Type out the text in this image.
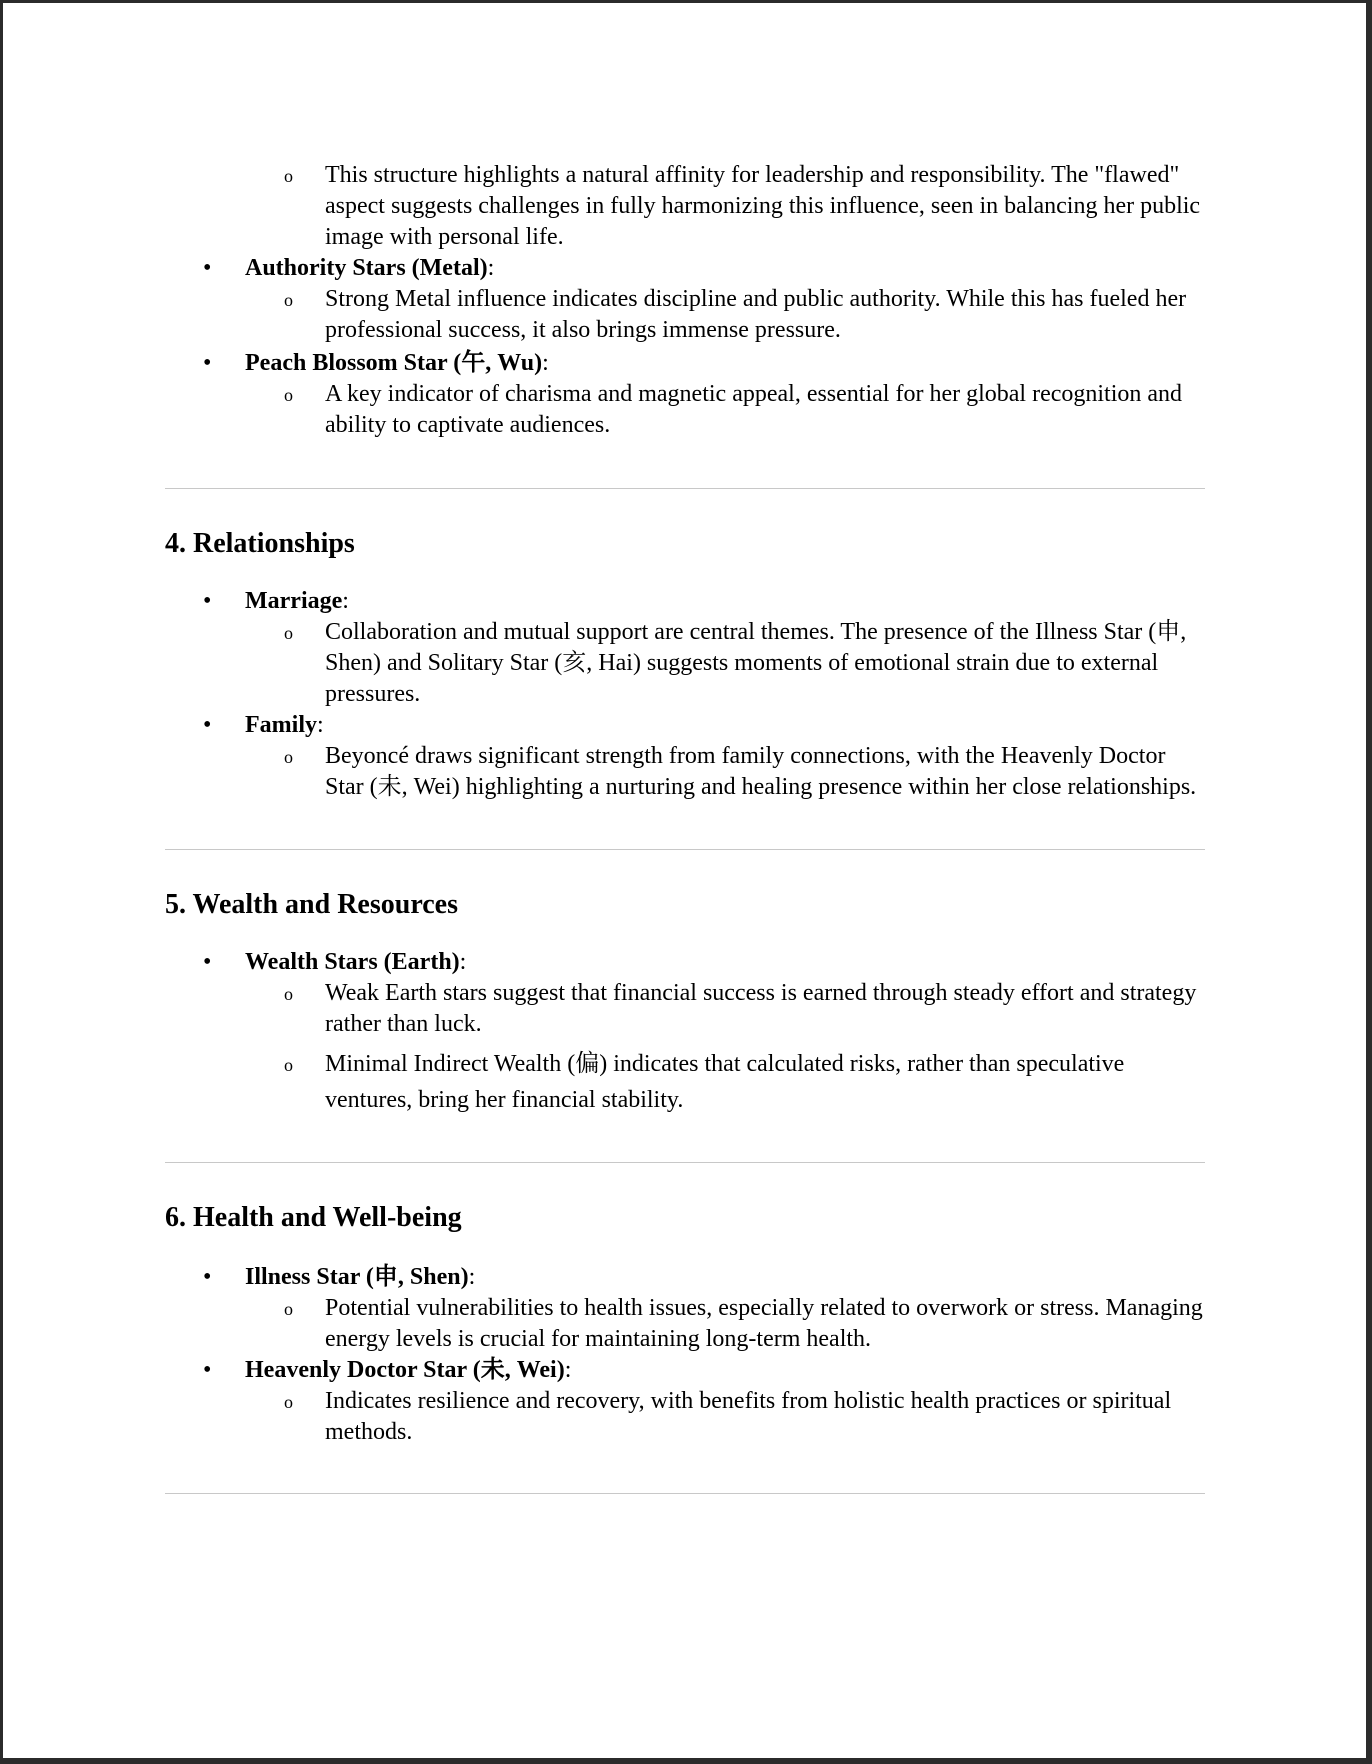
o This structure highlights a natural affinity for leadership and responsibility. The "flawed" aspect suggests challenges in fully harmonizing this influence, seen in balancing her public image with personal life.
• Authority Stars (Metal):
o Strong Metal influence indicates discipline and public authority. While this has fueled her professional success, it also brings immense pressure.
• Peach Blossom Star (午, Wu):
o A key indicator of charisma and magnetic appeal, essential for her global recognition and ability to captivate audiences.
4. Relationships
• Marriage:
o Collaboration and mutual support are central themes. The presence of the Illness Star (申, Shen) and Solitary Star (亥, Hai) suggests moments of emotional strain due to external pressures.
• Family:
o Beyoncé draws significant strength from family connections, with the Heavenly Doctor Star (未, Wei) highlighting a nurturing and healing presence within her close relationships.
5. Wealth and Resources
• Wealth Stars (Earth):
o Weak Earth stars suggest that financial success is earned through steady effort and strategy rather than luck.
o Minimal Indirect Wealth (偏) indicates that calculated risks, rather than speculative ventures, bring her financial stability.
6. Health and Well-being
• Illness Star (申, Shen):
o Potential vulnerabilities to health issues, especially related to overwork or stress. Managing energy levels is crucial for maintaining long-term health.
• Heavenly Doctor Star (未, Wei):
o Indicates resilience and recovery, with benefits from holistic health practices or spiritual methods.
